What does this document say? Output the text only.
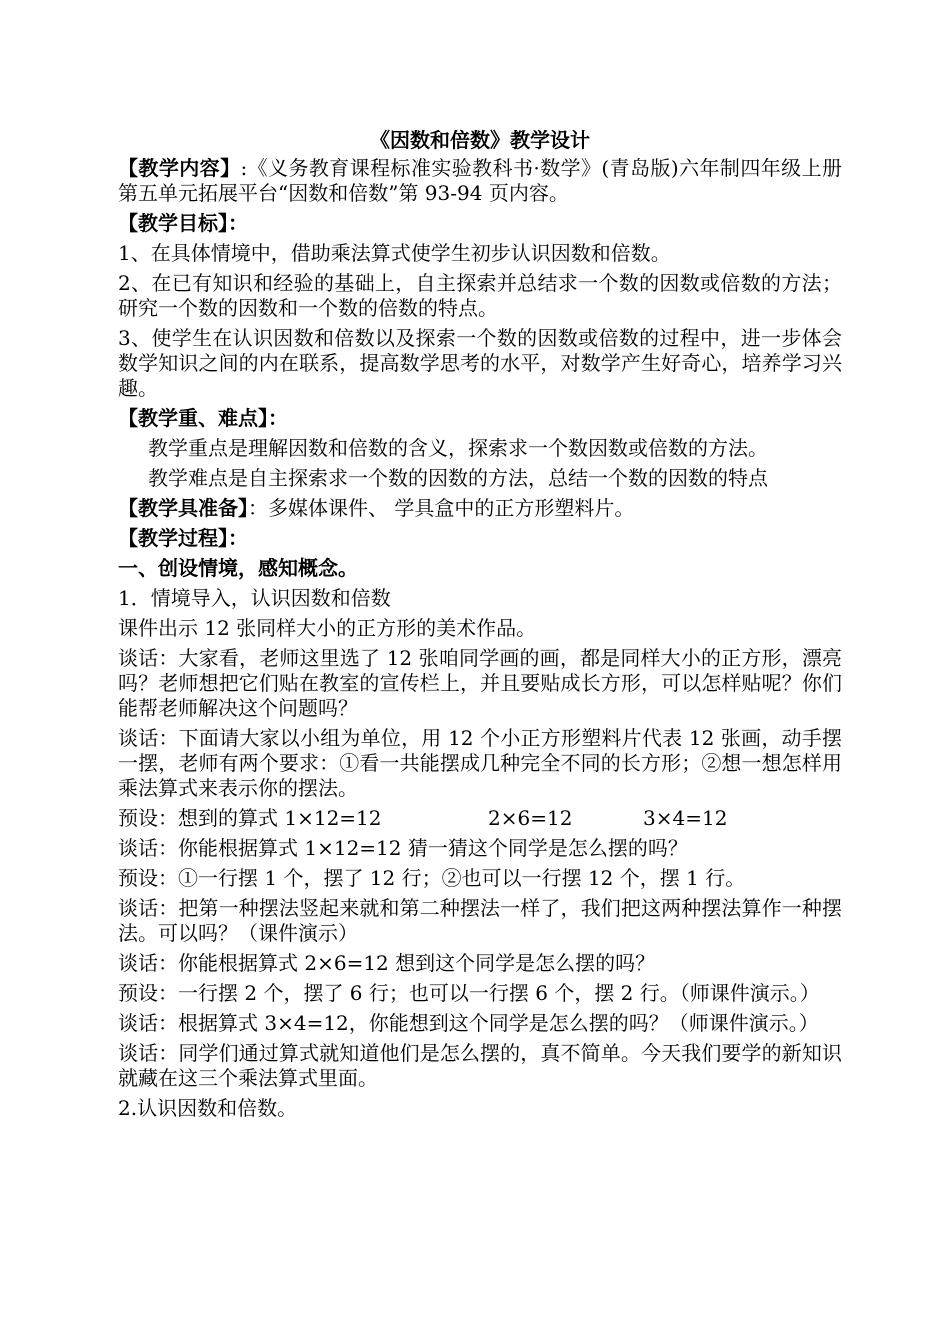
《因数和倍数》教学设计

【教学内容】:《义务教育课程标准实验教科书·数学》(青岛版)六年制四年级上册第五单元拓展平台“因数和倍数”第 93-94 页内容。

【教学目标】：

1、在具体情境中，借助乘法算式使学生初步认识因数和倍数。

2、在已有知识和经验的基础上，自主探索并总结求一个数的因数或倍数的方法；研究一个数的因数和一个数的倍数的特点。

3、使学生在认识因数和倍数以及探索一个数的因数或倍数的过程中，进一步体会数学知识之间的内在联系，提高数学思考的水平，对数学产生好奇心，培养学习兴趣。

【教学重、难点】：

教学重点是理解因数和倍数的含义，探索求一个数因数或倍数的方法。

教学难点是自主探索求一个数的因数的方法，总结一个数的因数的特点

【教学具准备】：多媒体课件、 学具盒中的正方形塑料片。

【教学过程】：

一、创设情境，感知概念。

1．情境导入，认识因数和倍数

课件出示 12 张同样大小的正方形的美术作品。

谈话：大家看，老师这里选了 12 张咱同学画的画，都是同样大小的正方形，漂亮吗？老师想把它们贴在教室的宣传栏上，并且要贴成长方形，可以怎样贴呢？你们能帮老师解决这个问题吗？

谈话：下面请大家以小组为单位，用 12 个小正方形塑料片代表 12 张画，动手摆一摆，老师有两个要求：①看一共能摆成几种完全不同的长方形；②想一想怎样用乘法算式来表示你的摆法。

预设：想到的算式 1×12=12	2×6=12	3×4=12

谈话：你能根据算式 1×12=12 猜一猜这个同学是怎么摆的吗？

预设：①一行摆 1 个，摆了 12 行；②也可以一行摆 12 个，摆 1 行。

谈话：把第一种摆法竖起来就和第二种摆法一样了，我们把这两种摆法算作一种摆法。可以吗？（课件演示）

谈话：你能根据算式 2×6=12 想到这个同学是怎么摆的吗？

预设：一行摆 2 个，摆了 6 行；也可以一行摆 6 个，摆 2 行。（师课件演示。）

谈话：根据算式 3×4=12，你能想到这个同学是怎么摆的吗？（师课件演示。）

谈话：同学们通过算式就知道他们是怎么摆的，真不简单。今天我们要学的新知识就藏在这三个乘法算式里面。

2.认识因数和倍数。
